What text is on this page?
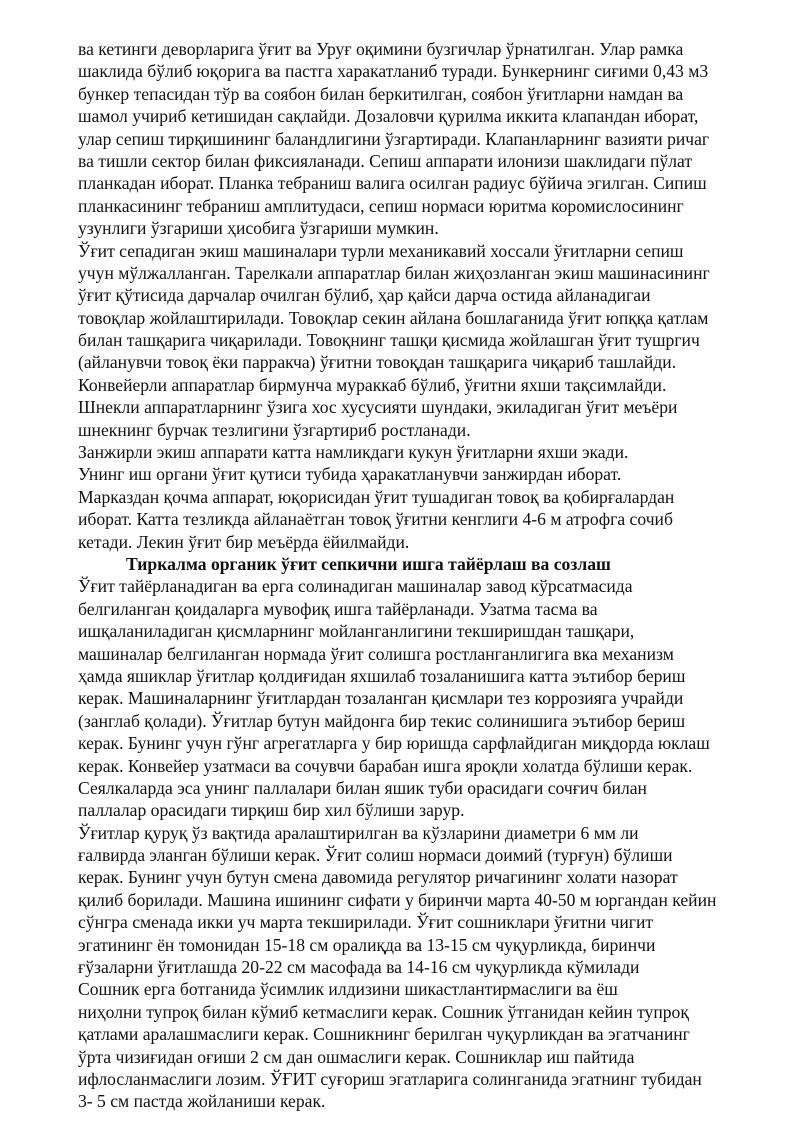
ва кетинги деворларига ўғит ва Уруғ оқимини бузгичлар ўрнатилган. Улар рамка
шаклида бўлиб юқорига ва пастга харакатланиб туради. Бункернинг сиғими 0,43 м3
бункер тепасидан тўр ва соябон билан беркитилган, соябон ўғитларни намдан ва
шамол учириб кетишидан сақлайди. Дозаловчи қурилма иккита клапандан иборат,
улар сепиш тирқишининг баландлигини ўзгартиради. Клапанларнинг вазияти ричаг
ва тишли сектор билан фиксияланади. Сепиш аппарати илонизи шаклидаги пўлат
планкадан иборат. Планка тебраниш валига осилган радиус бўйича эгилган. Сипиш
планкасининг тебраниш амплитудаси, сепиш нормаси юритма коромислосининг
узунлиги ўзгариши ҳисобига ўзгариши мумкин.
Ўғит сепадиган экиш машиналари турли механикавий хоссали ўғитларни сепиш
учун мўлжалланган. Тарелкали аппаратлар билан жиҳозланган экиш машинасининг
ўғит қўтисида дарчалар очилган бўлиб, ҳар қайси дарча остида айланадигаи
товоқлар жойлаштирилади. Товоқлар секин айлана бошлаганида ўғит юпққа қатлам
билан ташқарига чиқарилади. Товоқнинг ташқи қисмида жойлашган ўғит тушргич
(айланувчи товоқ ёки парракча) ўғитни товоқдан ташқарига чиқариб ташлайди.
Конвейерли аппаратлар бирмунча мураккаб бўлиб, ўғитни яхши тақсимлайди.
Шнекли аппаратларнинг ўзига хос хусусияти шундаки, экиладиган ўғит меъёри
шнекнинг бурчак тезлигини ўзгартириб ростланади.
Занжирли экиш аппарати катта намликдаги кукун ўғитларни яхши экади.
Унинг иш органи ўғит қутиси тубида ҳаракатланувчи занжирдан иборат.
Марказдан қочма аппарат, юқорисидан ўғит тушадиган товоқ ва қобирғалардан
иборат. Катта тезликда айланаётган товоқ ўғитни кенглиги 4-6 м атрофга сочиб
кетади. Лекин ўғит бир меъёрда ёйилмайди.
Тиркалма органик ўғит сепкични ишга тайёрлаш ва созлаш
Ўғит тайёрланадиган ва ерга солинадиган машиналар завод кўрсатмасида
белгиланган қоидаларга мувофиқ ишга тайёрланади. Узатма тасма ва
ишқаланиладиган қисмларнинг мойланганлигини текширишдан ташқари,
машиналар белгиланган нормада ўғит солишга ростланганлигига вка механизм
ҳамда яшиклар ўғитлар қолдиғидан яхшилаб тозаланишига катта эътибор бериш
керак. Машиналарнинг ўғитлардан тозаланган қисмлари тез коррозияга учрайди
(занглаб қолади). Ўғитлар бутун майдонга бир текис солинишига эътибор бериш
керак. Бунинг учун гўнг агрегатларга у бир юришда сарфлайдиган миқдорда юклаш
керак. Конвейер узатмаси ва сочувчи барабан ишга яроқли холатда бўлиши керак.
Сеялкаларда эса унинг паллалари билан яшик туби орасидаги сочғич билан
паллалар орасидаги тирқиш бир хил бўлиши зарур.
Ўғитлар қуруқ ўз вақтида аралаштирилган ва кўзларини диаметри 6 мм ли
ғалвирда эланган бўлиши керак. Ўғит солиш нормаси доимий (турғун) бўлиши
керак. Бунинг учун бутун смена давомида регулятор ричагининг холати назорат
қилиб борилади. Машина ишининг сифати у биринчи марта 40-50 м юргандан кейин
сўнгра сменада икки уч марта текширилади. Ўғит сошниклари ўғитни чигит
эгатининг ён томонидан 15-18 см оралиқда ва 13-15 см чуқурликда, биринчи
ғўзаларни ўғитлашда 20-22 см масофада ва 14-16 см чуқурликда кўмилади
Сошник ерга ботганида ўсимлик илдизини шикастлантирмаслиги ва ёш
ниҳолни тупроқ билан кўмиб кетмаслиги керак. Сошник ўтганидан кейин тупроқ
қатлами аралашмаслиги керак. Сошникнинг берилган чуқурликдан ва эгатчанинг
ўрта чизиғидан оғиши 2 см дан ошмаслиги керак. Сошниклар иш пайтида
ифлосланмаслиги лозим. ЎҒИТ суғориш эгатларига солинганида эгатнинг тубидан
3- 5 см пастда жойланиши керак.
